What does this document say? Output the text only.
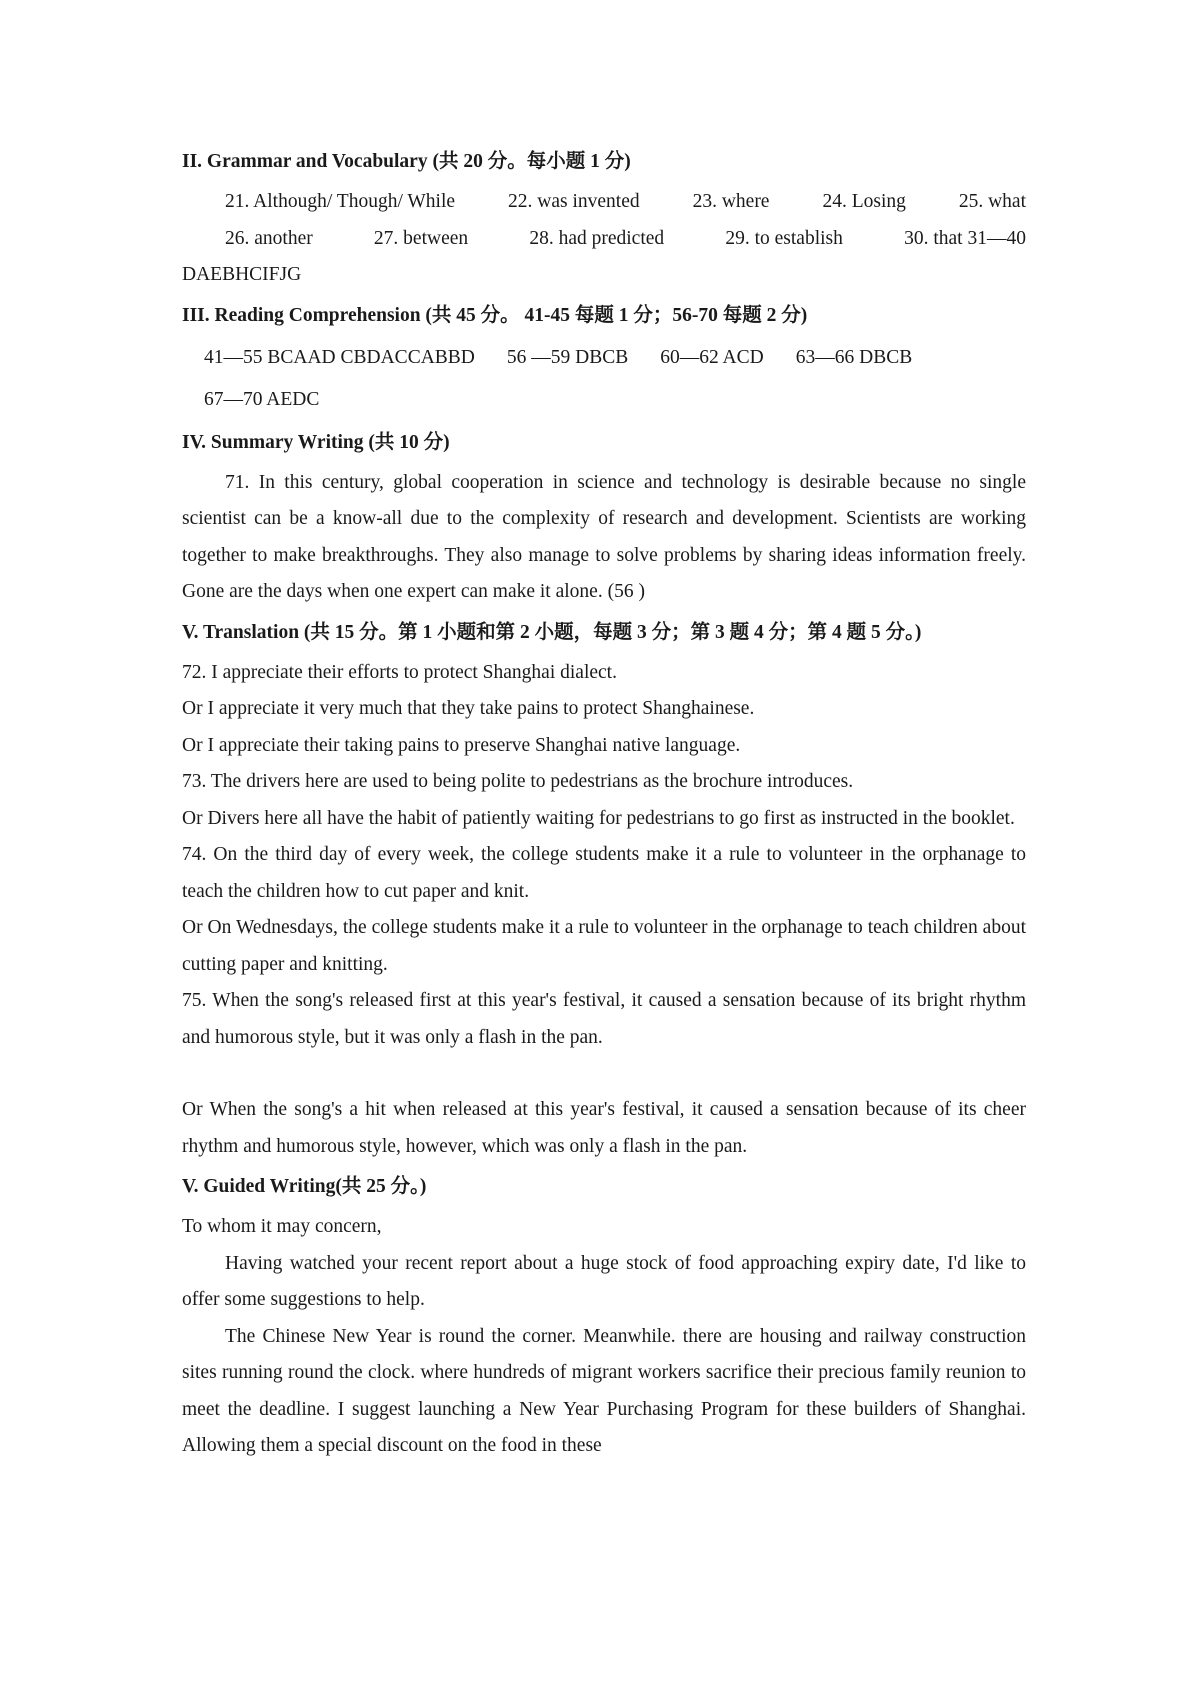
II. Grammar and Vocabulary (共 20 分。每小题 1 分)
21. Although/ Though/ While	22. was invented	23. where	24. Losing	25. what
26. another	27. between	28. had predicted	29. to establish	30. that 31—40
DAEBHCIFJG
III. Reading Comprehension (共 45 分。 41-45 每题 1 分；56-70 每题 2 分)
41—55 BCAAD CBDACCABBD 56 —59 DBCB 60—62 ACD 63—66 DBCB
67—70 AEDC
IV. Summary Writing (共 10 分)

71. In this century, global cooperation in science and technology is desirable because no single scientist can be a know-all due to the complexity of research and development. Scientists are working together to make breakthroughs. They also manage to solve problems by sharing ideas information freely. Gone are the days when one expert can make it alone. (56 )

V. Translation (共 15 分。第 1 小题和第 2 小题，每题 3 分；第 3 题 4 分；第 4 题 5 分。)

72. I appreciate their efforts to protect Shanghai dialect.

Or I appreciate it very much that they take pains to protect Shanghainese.

Or I appreciate their taking pains to preserve Shanghai native language.

73. The drivers here are used to being polite to pedestrians as the brochure introduces.

Or Divers here all have the habit of patiently waiting for pedestrians to go first as instructed in the booklet.

74. On the third day of every week, the college students make it a rule to volunteer in the orphanage to teach the children how to cut paper and knit.

Or On Wednesdays, the college students make it a rule to volunteer in the orphanage to teach children about cutting paper and knitting.

75. When the song's released first at this year's festival, it caused a sensation because of its bright rhythm and humorous style, but it was only a flash in the pan.

Or When the song's a hit when released at this year's festival, it caused a sensation because of its cheer rhythm and humorous style, however, which was only a flash in the pan.

V. Guided Writing(共 25 分。)

To whom it may concern,

Having watched your recent report about a huge stock of food approaching expiry date, I'd like to offer some suggestions to help.

The Chinese New Year is round the corner. Meanwhile. there are housing and railway construction sites running round the clock. where hundreds of migrant workers sacrifice their precious family reunion to meet the deadline. I suggest launching a New Year Purchasing Program for these builders of Shanghai. Allowing them a special discount on the food in these
